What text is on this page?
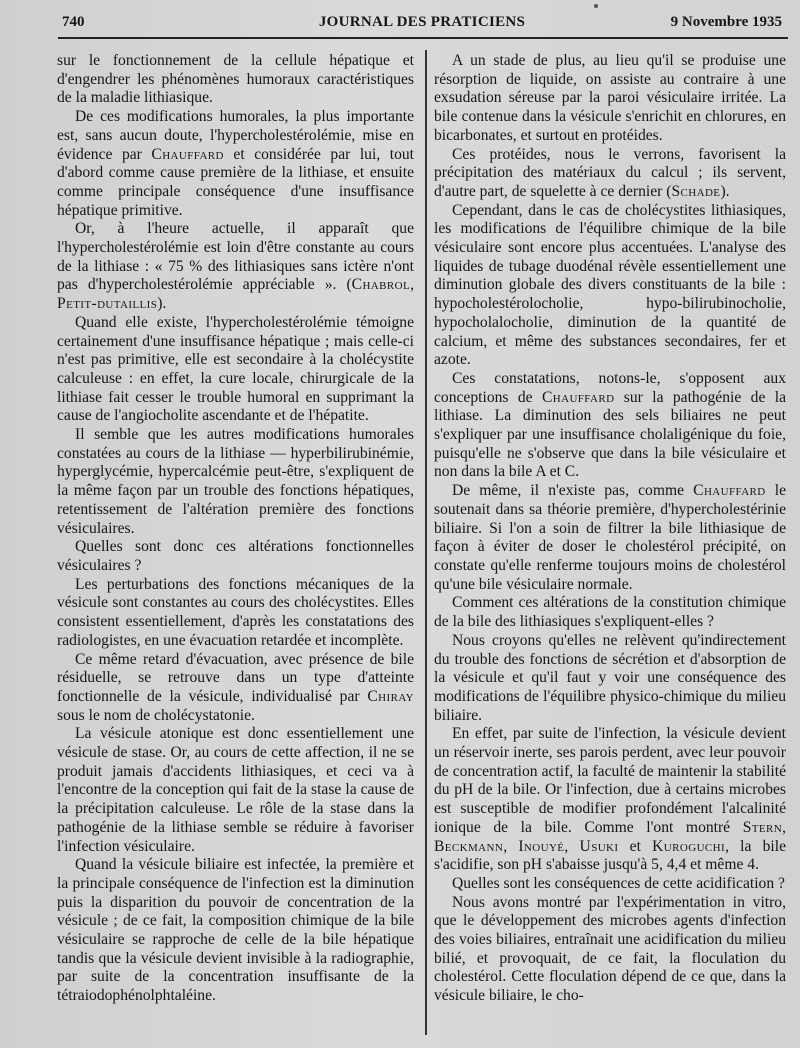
740	JOURNAL DES PRATICIENS	9 Novembre 1935

sur le fonctionnement de la cellule hépatique et d'engendrer les phénomènes humoraux caractéristiques de la maladie lithiasique.

De ces modifications humorales, la plus importante est, sans aucun doute, l'hypercholestérolémie, mise en évidence par Chauffard et considérée par lui, tout d'abord comme cause première de la lithiase, et ensuite comme principale conséquence d'une insuffisance hépatique primitive.

Or, à l'heure actuelle, il apparaît que l'hypercholestérolémie est loin d'être constante au cours de la lithiase : « 75 % des lithiasiques sans ictère n'ont pas d'hypercholestérolémie appréciable ». (Chabrol, Petit-dutaillis).

Quand elle existe, l'hypercholestérolémie témoigne certainement d'une insuffisance hépatique ; mais celle-ci n'est pas primitive, elle est secondaire à la cholécystite calculeuse : en effet, la cure locale, chirurgicale de la lithiase fait cesser le trouble humoral en supprimant la cause de l'angiocholite ascendante et de l'hépatite.

Il semble que les autres modifications humorales constatées au cours de la lithiase — hyperbilirubinémie, hyperglycémie, hypercalcémie peut-être, s'expliquent de la même façon par un trouble des fonctions hépatiques, retentissement de l'altération première des fonctions vésiculaires.

Quelles sont donc ces altérations fonctionnelles vésiculaires ?

Les perturbations des fonctions mécaniques de la vésicule sont constantes au cours des cholécystites. Elles consistent essentiellement, d'après les constatations des radiologistes, en une évacuation retardée et incomplète.

Ce même retard d'évacuation, avec présence de bile résiduelle, se retrouve dans un type d'atteinte fonctionnelle de la vésicule, individualisé par Chiray sous le nom de cholécystatonie.

La vésicule atonique est donc essentiellement une vésicule de stase. Or, au cours de cette affection, il ne se produit jamais d'accidents lithiasiques, et ceci va à l'encontre de la conception qui fait de la stase la cause de la précipitation calculeuse. Le rôle de la stase dans la pathogénie de la lithiase semble se réduire à favoriser l'infection vésiculaire.

Quand la vésicule biliaire est infectée, la première et la principale conséquence de l'infection est la diminution puis la disparition du pouvoir de concentration de la vésicule ; de ce fait, la composition chimique de la bile vésiculaire se rapproche de celle de la bile hépatique tandis que la vésicule devient invisible à la radiographie, par suite de la concentration insuffisante de la tétraiodophénolphtaléine.

A un stade de plus, au lieu qu'il se produise une résorption de liquide, on assiste au contraire à une exsudation séreuse par la paroi vésiculaire irritée. La bile contenue dans la vésicule s'enrichit en chlorures, en bicarbonates, et surtout en protéides.

Ces protéides, nous le verrons, favorisent la précipitation des matériaux du calcul ; ils servent, d'autre part, de squelette à ce dernier (Schade).

Cependant, dans le cas de cholécystites lithiasiques, les modifications de l'équilibre chimique de la bile vésiculaire sont encore plus accentuées. L'analyse des liquides de tubage duodénal révèle essentiellement une diminution globale des divers constituants de la bile : hypocholestérolocholie, hypo-bilirubinocholie, hypocholalocholie, diminution de la quantité de calcium, et même des substances secondaires, fer et azote.

Ces constatations, notons-le, s'opposent aux conceptions de Chauffard sur la pathogénie de la lithiase. La diminution des sels biliaires ne peut s'expliquer par une insuffisance cholaligénique du foie, puisqu'elle ne s'observe que dans la bile vésiculaire et non dans la bile A et C.

De même, il n'existe pas, comme Chauffard le soutenait dans sa théorie première, d'hypercholestérinie biliaire. Si l'on a soin de filtrer la bile lithiasique de façon à éviter de doser le cholestérol précipité, on constate qu'elle renferme toujours moins de cholestérol qu'une bile vésiculaire normale.

Comment ces altérations de la constitution chimique de la bile des lithiasiques s'expliquent-elles ?

Nous croyons qu'elles ne relèvent qu'indirectement du trouble des fonctions de sécrétion et d'absorption de la vésicule et qu'il faut y voir une conséquence des modifications de l'équilibre physico-chimique du milieu biliaire.

En effet, par suite de l'infection, la vésicule devient un réservoir inerte, ses parois perdent, avec leur pouvoir de concentration actif, la faculté de maintenir la stabilité du pH de la bile. Or l'infection, due à certains microbes est susceptible de modifier profondément l'alcalinité ionique de la bile. Comme l'ont montré Stern, Beckmann, Inouyé, Usuki et Kuroguchi, la bile s'acidifie, son pH s'abaisse jusqu'à 5, 4,4 et même 4.

Quelles sont les conséquences de cette acidification ?

Nous avons montré par l'expérimentation in vitro, que le développement des microbes agents d'infection des voies biliaires, entraînait une acidification du milieu bilié, et provoquait, de ce fait, la floculation du cholestérol. Cette floculation dépend de ce que, dans la vésicule biliaire, le cho-
